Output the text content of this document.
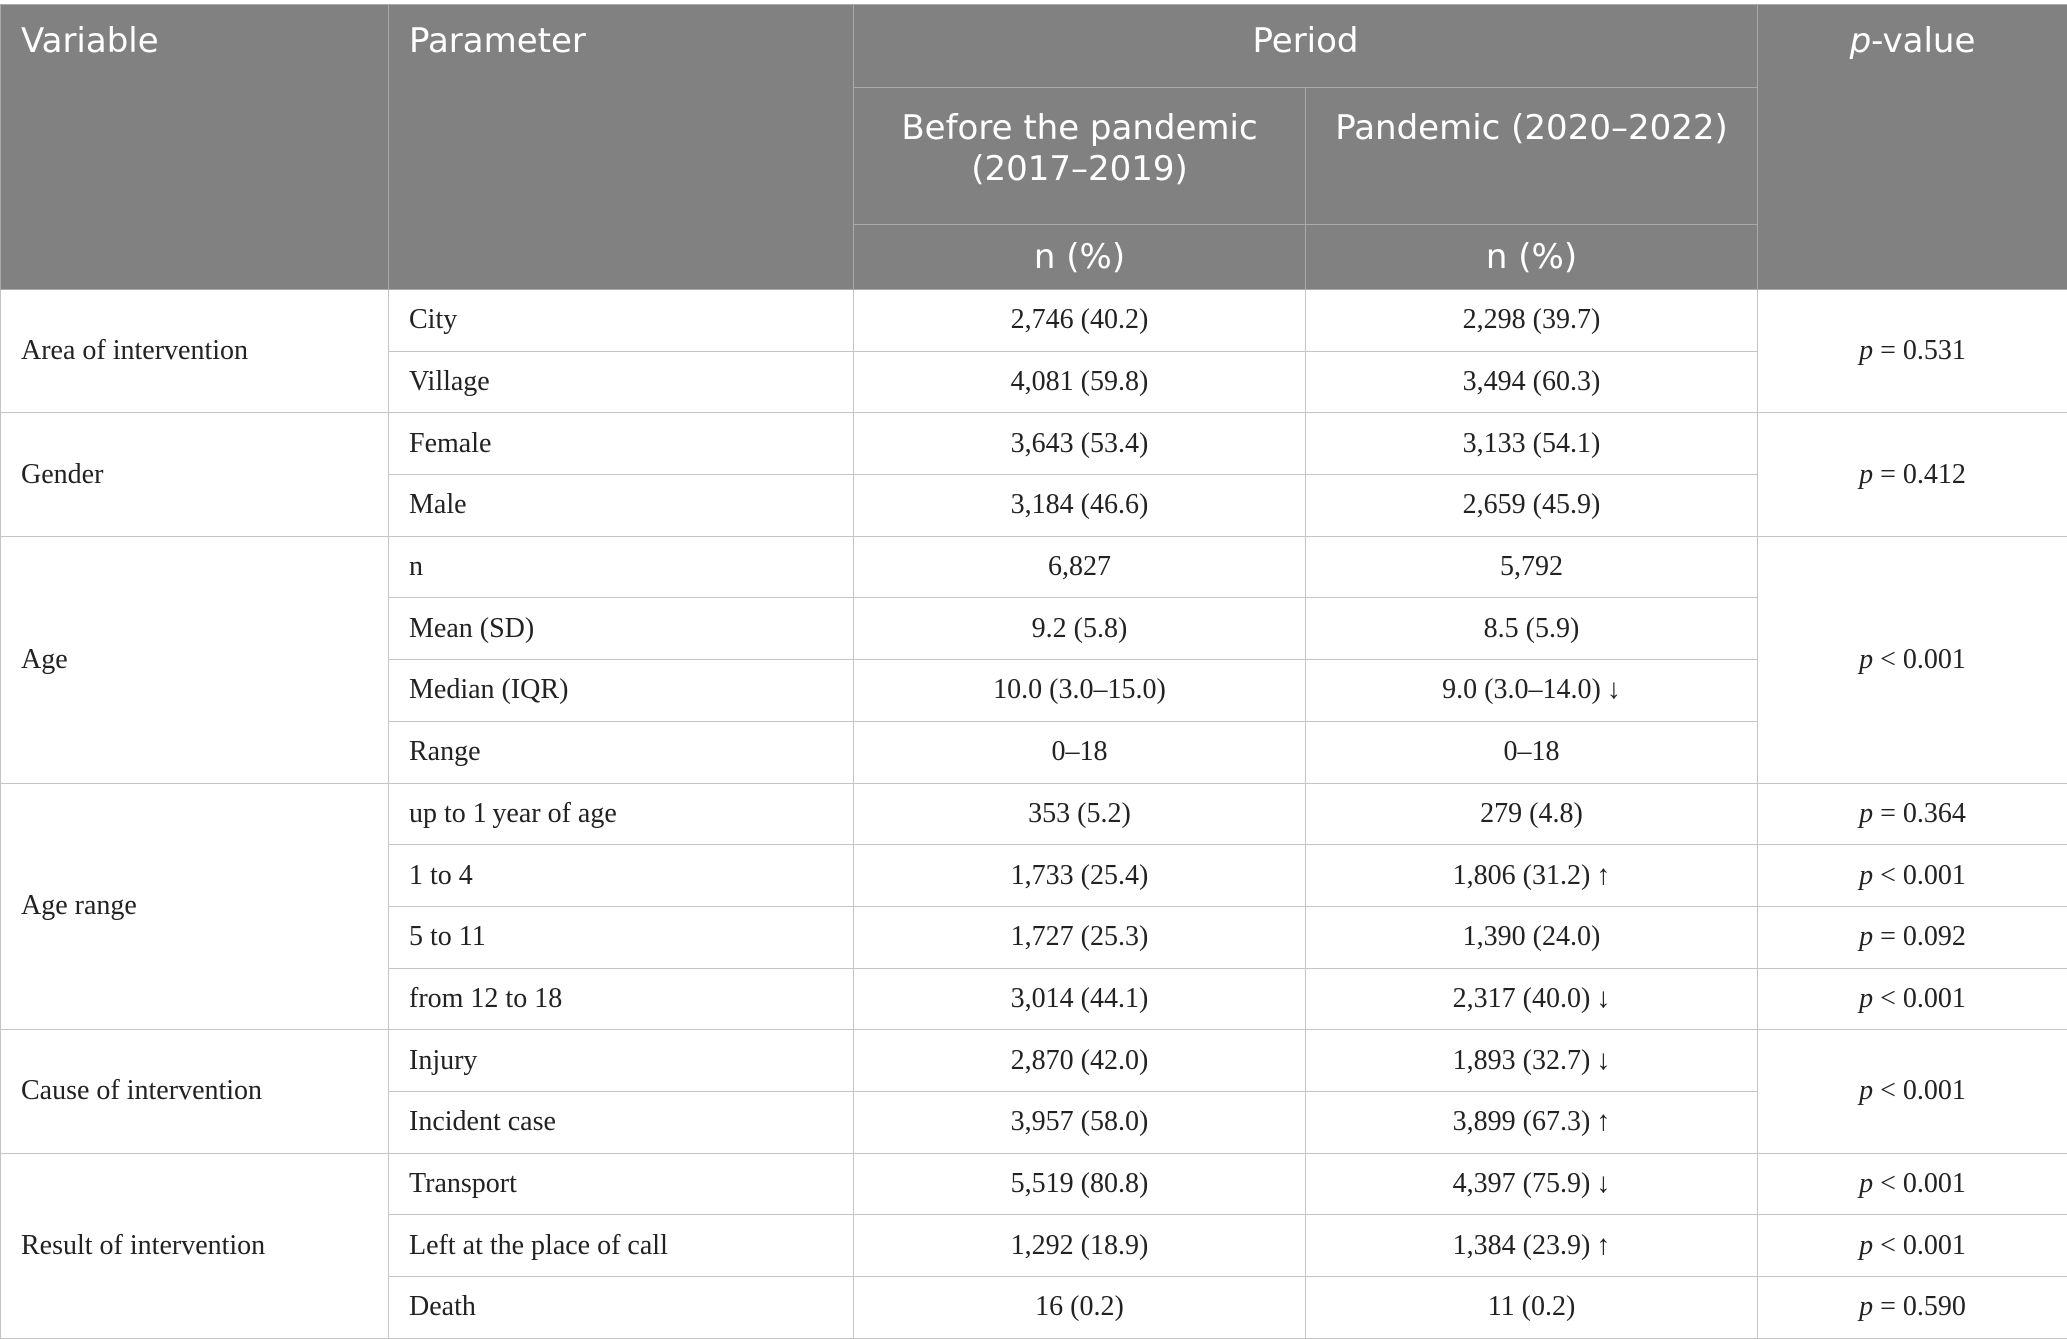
Variable	Parameter	Period		p-value
		Before the pandemic (2017–2019)	Pandemic (2020–2022)	
		n (%)	n (%)	
Area of intervention	City	2,746 (40.2)	2,298 (39.7)	p = 0.531
	Village	4,081 (59.8)	3,494 (60.3)	
Gender	Female	3,643 (53.4)	3,133 (54.1)	p = 0.412
	Male	3,184 (46.6)	2,659 (45.9)	
Age	n	6,827	5,792	p < 0.001
	Mean (SD)	9.2 (5.8)	8.5 (5.9)	
	Median (IQR)	10.0 (3.0–15.0)	9.0 (3.0–14.0) ↓	
	Range	0–18	0–18	
Age range	up to 1 year of age	353 (5.2)	279 (4.8)	p = 0.364
	1 to 4	1,733 (25.4)	1,806 (31.2) ↑	p < 0.001
	5 to 11	1,727 (25.3)	1,390 (24.0)	p = 0.092
	from 12 to 18	3,014 (44.1)	2,317 (40.0) ↓	p < 0.001
Cause of intervention	Injury	2,870 (42.0)	1,893 (32.7) ↓	p < 0.001
	Incident case	3,957 (58.0)	3,899 (67.3) ↑	
Result of intervention	Transport	5,519 (80.8)	4,397 (75.9) ↓	p < 0.001
	Left at the place of call	1,292 (18.9)	1,384 (23.9) ↑	p < 0.001
	Death	16 (0.2)	11 (0.2)	p = 0.590
